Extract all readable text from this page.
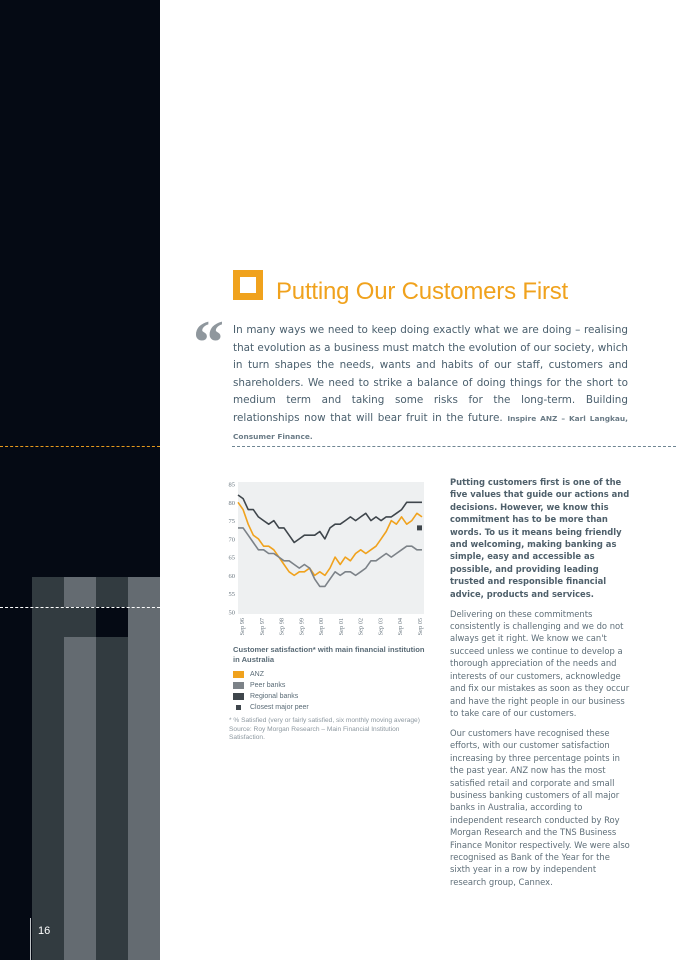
16
Putting Our Customers First
“ In many ways we need to keep doing exactly what we are doing – realising that evolution as a business must match the evolution of our society, which in turn shapes the needs, wants and habits of our staff, customers and shareholders. We need to strike a balance of doing things for the short to medium term and taking some risks for the long-term. Building relationships now that will bear fruit in the future. Inspire ANZ – Karl Langkau, Consumer Finance.
85
80
75
70
65
60
55
50
Sep 96 Sep 97 Sep 98 Sep 99 Sep 00 Sep 01 Sep 02 Sep 03 Sep 04 Sep 05
Customer satisfaction* with main financial institution in Australia
ANZ
Peer banks
Regional banks
Closest major peer
* % Satisfied (very or fairly satisfied, six monthly moving average)
Source: Roy Morgan Research – Main Financial Institution Satisfaction.

Putting customers first is one of the five values that guide our actions and decisions. However, we know this commitment has to be more than words. To us it means being friendly and welcoming, making banking as simple, easy and accessible as possible, and providing leading trusted and responsible financial advice, products and services.

Delivering on these commitments consistently is challenging and we do not always get it right. We know we can't succeed unless we continue to develop a thorough appreciation of the needs and interests of our customers, acknowledge and fix our mistakes as soon as they occur and have the right people in our business to take care of our customers.

Our customers have recognised these efforts, with our customer satisfaction increasing by three percentage points in the past year. ANZ now has the most satisfied retail and corporate and small business banking customers of all major banks in Australia, according to independent research conducted by Roy Morgan Research and the TNS Business Finance Monitor respectively. We were also recognised as Bank of the Year for the sixth year in a row by independent research group, Cannex.
